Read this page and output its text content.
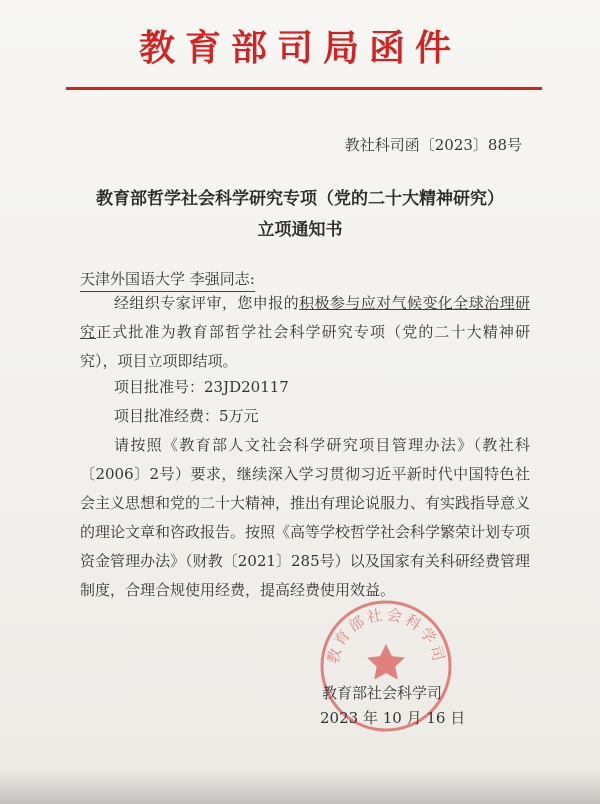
教育部司局函件
教社科司函〔2023〕88号
教育部哲学社会科学研究专项（党的二十大精神研究）
立项通知书
天津外国语大学 李强同志:
经组织专家评审，您申报的积极参与应对气候变化全球治理研究正式批准为教育部哲学社会科学研究专项（党的二十大精神研究），项目立项即结项。
项目批准号：23JD20117
项目批准经费：5万元
请按照《教育部人文社会科学研究项目管理办法》（教社科〔2006〕2号）要求，继续深入学习贯彻习近平新时代中国特色社会主义思想和党的二十大精神，推出有理论说服力、有实践指导意义的理论文章和咨政报告。按照《高等学校哲学社会科学繁荣计划专项资金管理办法》（财教〔2021〕285号）以及国家有关科研经费管理制度，合理合规使用经费，提高经费使用效益。
教育部社会科学司
教育部社会科学司
2023 年 10 月 16 日
